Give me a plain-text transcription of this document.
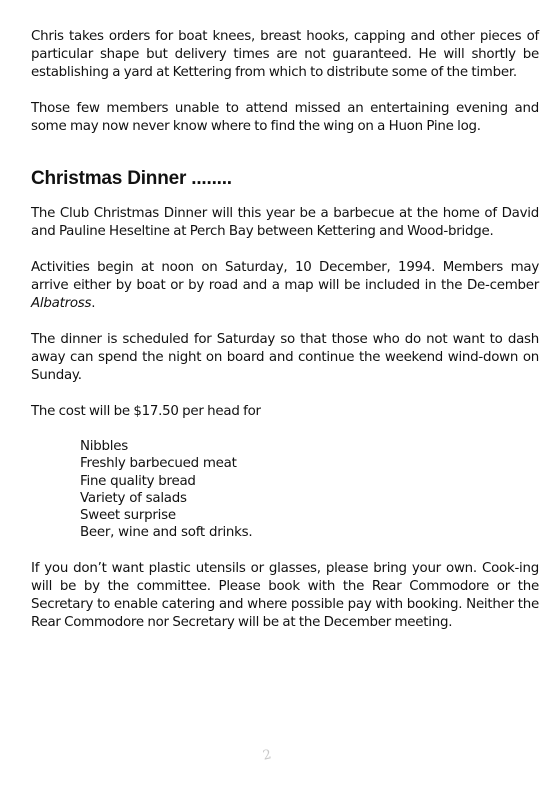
Chris takes orders for boat knees, breast hooks, capping and other pieces of particular shape but delivery times are not guaranteed. He will shortly be establishing a yard at Kettering from which to distribute some of the timber.

Those few members unable to attend missed an entertaining evening and some may now never know where to find the wing on a Huon Pine log.

Christmas Dinner ........

The Club Christmas Dinner will this year be a barbecue at the home of David and Pauline Heseltine at Perch Bay between Kettering and Wood-bridge.

Activities begin at noon on Saturday, 10 December, 1994. Members may arrive either by boat or by road and a map will be included in the De-cember Albatross.

The dinner is scheduled for Saturday so that those who do not want to dash away can spend the night on board and continue the weekend wind-down on Sunday.

The cost will be $17.50 per head for

Nibbles
Freshly barbecued meat
Fine quality bread
Variety of salads
Sweet surprise
Beer, wine and soft drinks.

If you don’t want plastic utensils or glasses, please bring your own. Cook-ing will be by the committee. Please book with the Rear Commodore or the Secretary to enable catering and where possible pay with booking. Neither the Rear Commodore nor Secretary will be at the December meeting.

2
